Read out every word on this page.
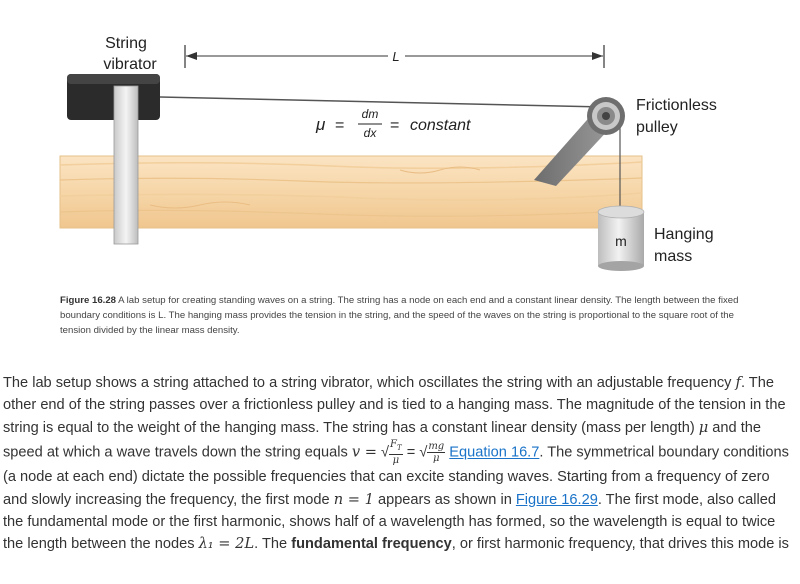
m
L
String
vibrator
Frictionless
pulley
Hanging
mass
μ =
dm
dx = constant
Figure 16.28 A lab setup for creating standing waves on a string. The string has a node on each end and a constant linear density. The length between the fixed boundary conditions is L. The hanging mass provides the tension in the string, and the speed of the waves on the string is proportional to the square root of the tension divided by the linear mass density.

The lab setup shows a string attached to a string vibrator, which oscillates the string with an adjustable frequency f. The other end of the string passes over a frictionless pulley and is tied to a hanging mass. The magnitude of the tension in the string is equal to the weight of the hanging mass. The string has a constant linear density (mass per length) μ and the speed at which a wave travels down the string equals v = √ $\frac{F_T}{\mu}$ = √ $\frac{mg}{\mu}$ Equation 16.7. The symmetrical boundary conditions (a node at each end) dictate the possible frequencies that can excite standing waves. Starting from a frequency of zero and slowly increasing the frequency, the first mode n = 1 appears as shown in Figure 16.29. The first mode, also called the fundamental mode or the first harmonic, shows half of a wavelength has formed, so the wavelength is equal to twice the length between the nodes λ₁ = 2L. The fundamental frequency, or first harmonic frequency, that drives this mode is
